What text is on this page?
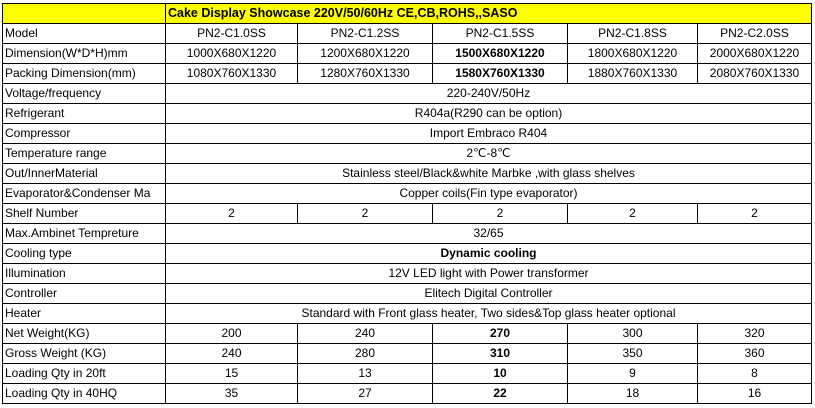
	Cake Display Showcase 220V/50/60Hz CE,CB,ROHS,,SASO				
Model	PN2-C1.0SS	PN2-C1.2SS	PN2-C1.5SS	PN2-C1.8SS	PN2-C2.0SS
Dimension(W*D*H)mm	1000X680X1220	1200X680X1220	1500X680X1220	1800X680X1220	2000X680X1220
Packing Dimension(mm)	1080X760X1330	1280X760X1330	1580X760X1330	1880X760X1330	2080X760X1330
Voltage/frequency	220-240V/50Hz				
Refrigerant	R404a(R290 can be option)				
Compressor	Import Embraco R404				
Temperature range	2℃-8℃				
Out/InnerMaterial	Stainless steel/Black&white Marbke ,with glass shelves				
Evaporator&Condenser Ma	Copper coils(Fin type evaporator)				
Shelf Number	2	2	2	2	2
Max.Ambinet Tempreture	32/65				
Cooling type	Dynamic cooling				
Illumination	12V LED light with Power transformer				
Controller	Elitech Digital Controller				
Heater	Standard with Front glass heater, Two sides&Top glass heater optional				
Net Weight(KG)	200	240	270	300	320
Gross Weight (KG)	240	280	310	350	360
Loading Qty in 20ft	15	13	10	9	8
Loading Qty in 40HQ	35	27	22	18	16
